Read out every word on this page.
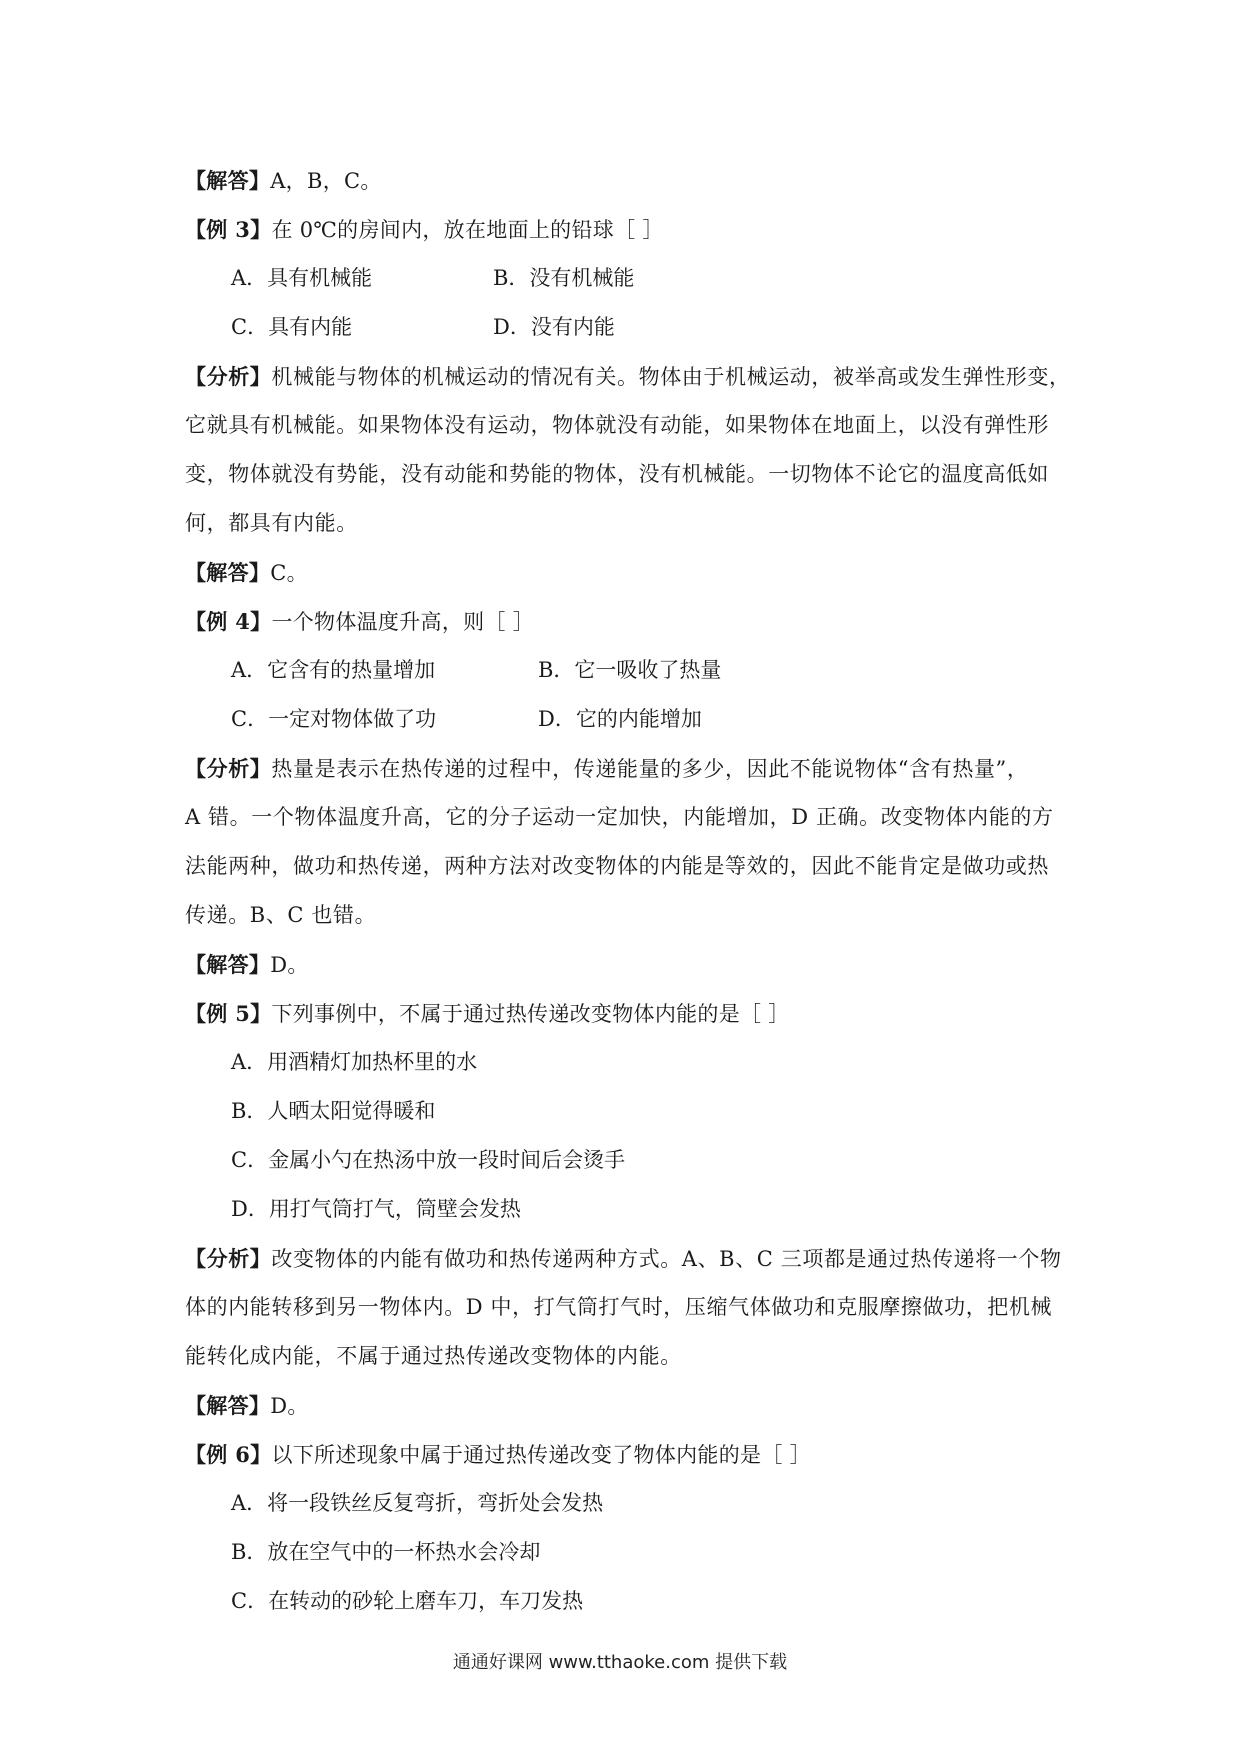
【解答】A，B，C。
【例 3】在 0℃的房间内，放在地面上的铅球［ ］
A．具有机械能	B．没有机械能
C．具有内能	D．没有内能
【分析】机械能与物体的机械运动的情况有关。物体由于机械运动，被举高或发生弹性形变，
它就具有机械能。如果物体没有运动，物体就没有动能，如果物体在地面上，以没有弹性形
变，物体就没有势能，没有动能和势能的物体，没有机械能。一切物体不论它的温度高低如
何，都具有内能。
【解答】C。
【例 4】一个物体温度升高，则［ ］
A．它含有的热量增加	B．它一吸收了热量
C．一定对物体做了功	D．它的内能增加
【分析】热量是表示在热传递的过程中，传递能量的多少，因此不能说物体“含有热量”，
A 错。一个物体温度升高，它的分子运动一定加快，内能增加，D 正确。改变物体内能的方
法能两种，做功和热传递，两种方法对改变物体的内能是等效的，因此不能肯定是做功或热
传递。B、C 也错。
【解答】D。
【例 5】下列事例中，不属于通过热传递改变物体内能的是［ ］
A．用酒精灯加热杯里的水
B．人晒太阳觉得暖和
C．金属小勺在热汤中放一段时间后会烫手
D．用打气筒打气，筒壁会发热
【分析】改变物体的内能有做功和热传递两种方式。A、B、C 三项都是通过热传递将一个物
体的内能转移到另一物体内。D 中，打气筒打气时，压缩气体做功和克服摩擦做功，把机械
能转化成内能，不属于通过热传递改变物体的内能。
【解答】D。
【例 6】以下所述现象中属于通过热传递改变了物体内能的是［ ］
A．将一段铁丝反复弯折，弯折处会发热
B．放在空气中的一杯热水会冷却
C．在转动的砂轮上磨车刀，车刀发热
通通好课网 www.tthaoke.com 提供下载
